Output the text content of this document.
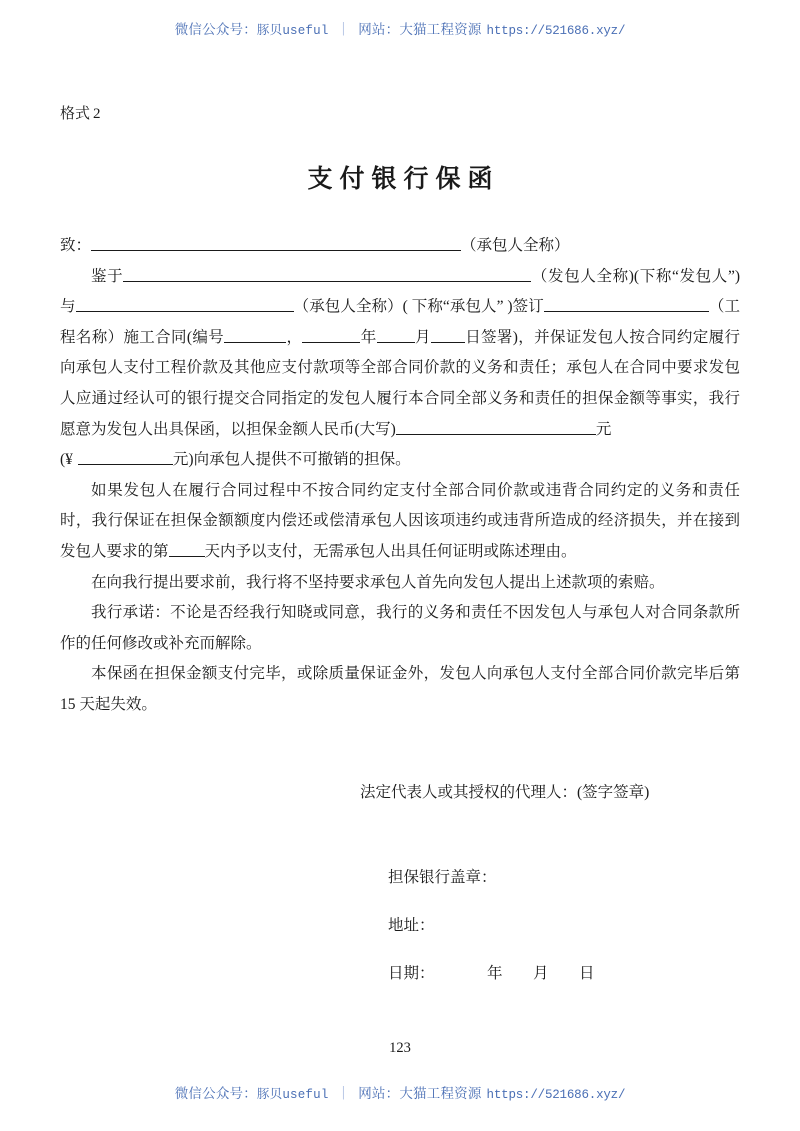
微信公众号：豚贝useful ｜ 网站：大猫工程资源 https://521686.xyz/
格式 2
支付银行保函

致：	（承包人全称）

鉴于	（发包人全称)(下称“发包人”)与	（承包人全称）( 下称“承包人” )签订	（工程名称）施工合同(编号	，	年 月 日签署)，并保证发包人按合同约定履行向承包人支付工程价款及其他应支付款项等全部合同价款的义务和责任；承包人在合同中要求发包人应通过经认可的银行提交合同指定的发包人履行本合同全部义务和责任的担保金额等事实，我行愿意为发包人出具保函，以担保金额人民币(大写)	元

(¥	元)向承包人提供不可撤销的担保。

如果发包人在履行合同过程中不按合同约定支付全部合同价款或违背合同约定的义务和责任时，我行保证在担保金额额度内偿还或偿清承包人因该项违约或违背所造成的经济损失，并在接到发包人要求的第 天内予以支付，无需承包人出具任何证明或陈述理由。

在向我行提出要求前，我行将不坚持要求承包人首先向发包人提出上述款项的索赔。

我行承诺：不论是否经我行知晓或同意，我行的义务和责任不因发包人与承包人对合同条款所作的任何修改或补充而解除。

本保函在担保金额支付完毕，或除质量保证金外，发包人向承包人支付全部合同价款完毕后第 15 天起失效。

法定代表人或其授权的代理人：(签字签章)
担保银行盖章：
地址：
日期：	年 月 日
123
微信公众号：豚贝useful ｜ 网站：大猫工程资源 https://521686.xyz/
